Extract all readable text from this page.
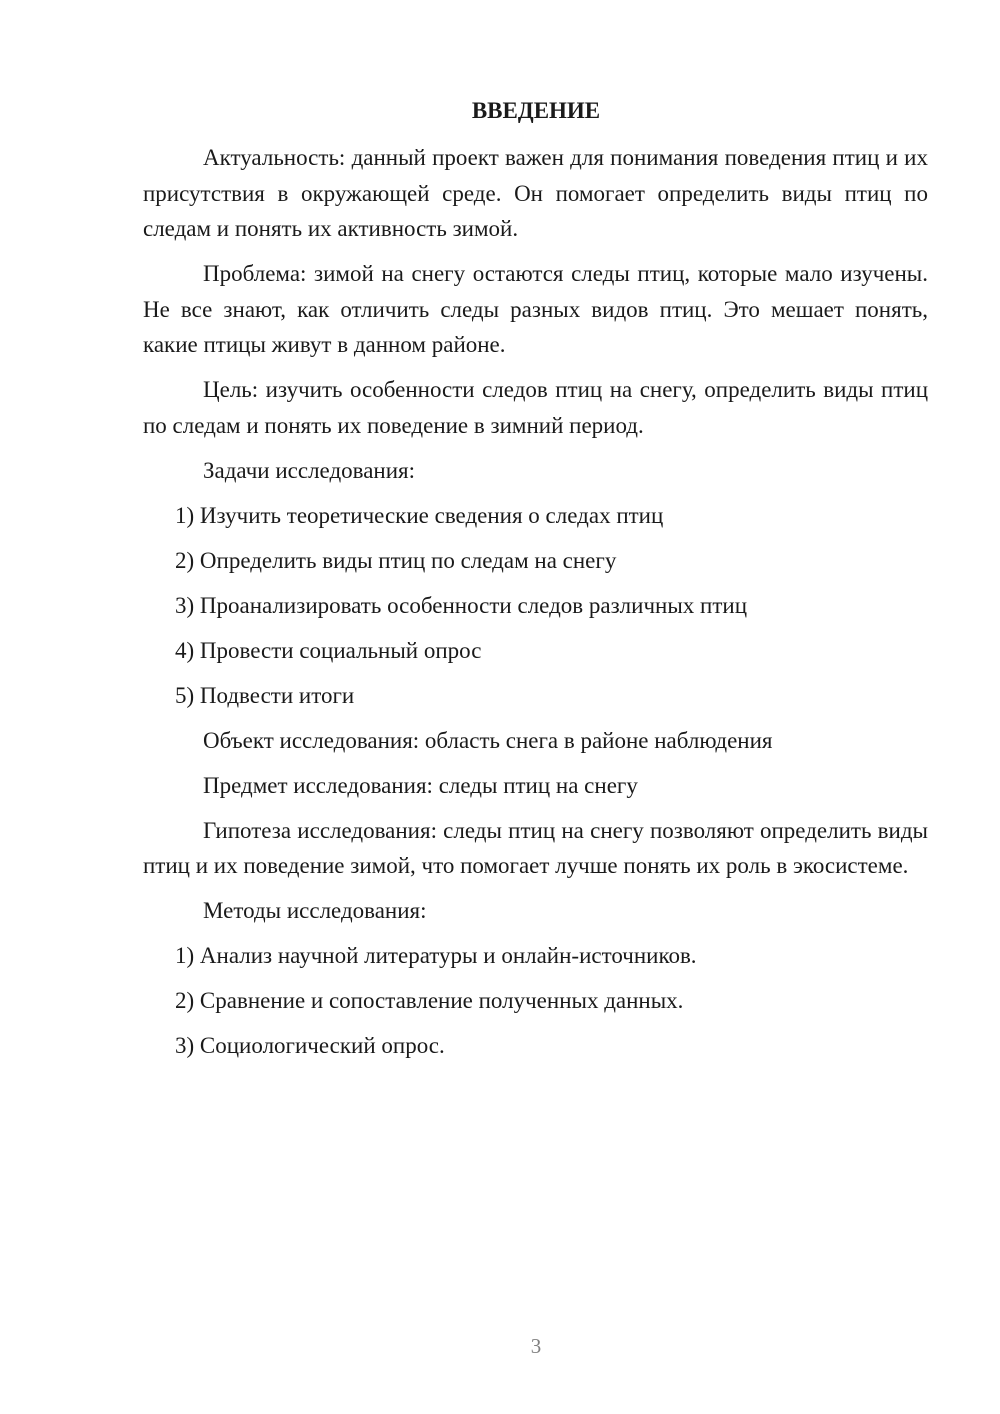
ВВЕДЕНИЕ

Актуальность: данный проект важен для понимания поведения птиц и их присутствия в окружающей среде. Он помогает определить виды птиц по следам и понять их активность зимой.

Проблема: зимой на снегу остаются следы птиц, которые мало изучены. Не все знают, как отличить следы разных видов птиц. Это мешает понять, какие птицы живут в данном районе.

Цель: изучить особенности следов птиц на снегу, определить виды птиц по следам и понять их поведение в зимний период.

Задачи исследования:

1) Изучить теоретические сведения о следах птиц

2) Определить виды птиц по следам на снегу

3) Проанализировать особенности следов различных птиц

4) Провести социальный опрос

5) Подвести итоги

Объект исследования: область снега в районе наблюдения

Предмет исследования: следы птиц на снегу

Гипотеза исследования: следы птиц на снегу позволяют определить виды птиц и их поведение зимой, что помогает лучше понять их роль в экосистеме.

Методы исследования:

1) Анализ научной литературы и онлайн-источников.

2) Сравнение и сопоставление полученных данных.

3) Социологический опрос.

3
